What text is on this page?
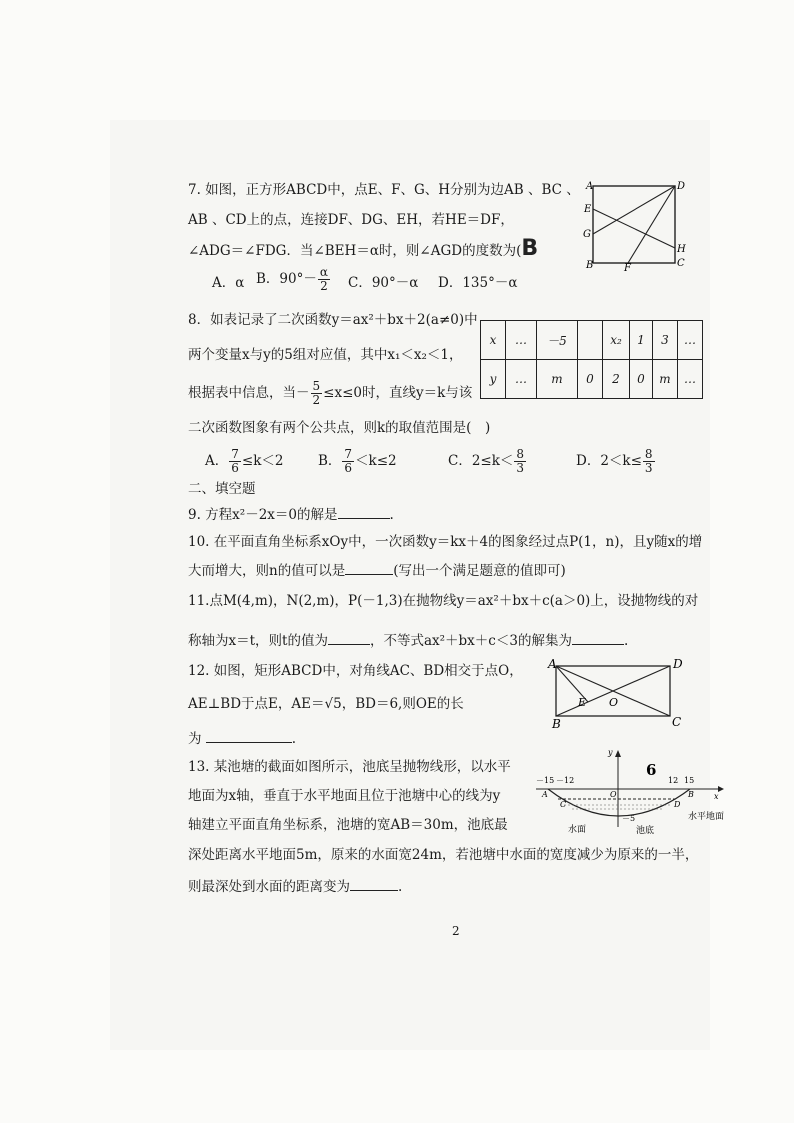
7. 如图，正方形ABCD中，点E、F、G、H分别为边AB 、BC 、
AB 、CD上的点，连接DF、DG、EH，若HE＝DF，
∠ADG＝∠FDG．当∠BEH＝α时，则∠AGD的度数为(B
A．α B．$90^\circ- \frac{\alpha}{2}$ C．90°－α D．135°－α
A	D
E
G
H
B	F	C
8．如表记录了二次函数y＝ax²＋bx＋2(a≠0)中
两个变量x与y的5组对应值，其中x₁＜x₂＜1，
根据表中信息，当－ $\frac{5}{2} \le x\le 0$时，直线y＝k与该
二次函数图象有两个公共点，则k的取值范围是(　)
x	…	－5		x₂	1	3	…
y	…	m	0	2	0	m	…
A． $\frac{7}{6} \le k<2$	B． $\frac{7}{6} <k\le 2$	C．$2\le k< \frac{8}{3}$	D．$2<k\le \frac{8}{3}$
二、填空题
9. 方程x²－2x＝0的解是	.
10. 在平面直角坐标系xOy中，一次函数y＝kx＋4的图象经过点P(1，n)，且y随x的增
大而增大，则n的值可以是	(写出一个满足题意的值即可)
11.点M(4,m)，N(2,m)，P(－1,3)在抛物线y＝ax²＋bx＋c(a＞0)上，设抛物线的对
称轴为x＝t，则t的值为	，不等式ax²＋bx＋c＜3的解集为	.
12. 如图，矩形ABCD中，对角线AC、BD相交于点O，
AE⊥BD于点E，AE＝√5，BD＝6,则OE的长
为	.
A	D
E O
B	C
13. 某池塘的截面如图所示，池底呈抛物线形，以水平
地面为x轴，垂直于水平地面且位于池塘中心的线为y
轴建立平面直角坐标系，池塘的宽AB＝30m，池底最
深处距离水平地面5m，原来的水面宽24m，若池塘中水面的宽度减少为原来的一半，
则最深处到水面的距离变为	.
－15 －12	12 15
A
C
O
D
B	x
y
－5
6
水面	池底
水平地面
2
